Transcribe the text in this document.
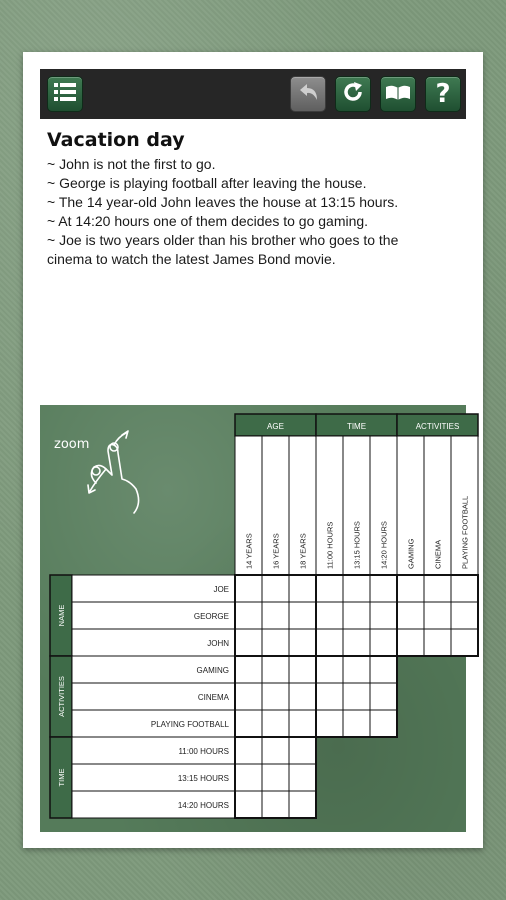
?
Vacation day
~ John is not the first to go.
~ George is playing football after leaving the house.
~ The 14 year-old John leaves the house at 13:15 hours.
~ At 14:20 hours one of them decides to go gaming.
~ Joe is two years older than his brother who goes to the
cinema to watch the latest James Bond movie.
zoom
AGE
14 YEARS 16 YEARS 18 YEARS
TIME
11:00 HOURS 13:15 HOURS 14:20 HOURS
ACTIVITIES
GAMING CINEMA PLAYING FOOTBALL
NAME
JOE
GEORGE
JOHN
ACTIVITIES
GAMING
CINEMA
PLAYING FOOTBALL
TIME
11:00 HOURS
13:15 HOURS
14:20 HOURS
